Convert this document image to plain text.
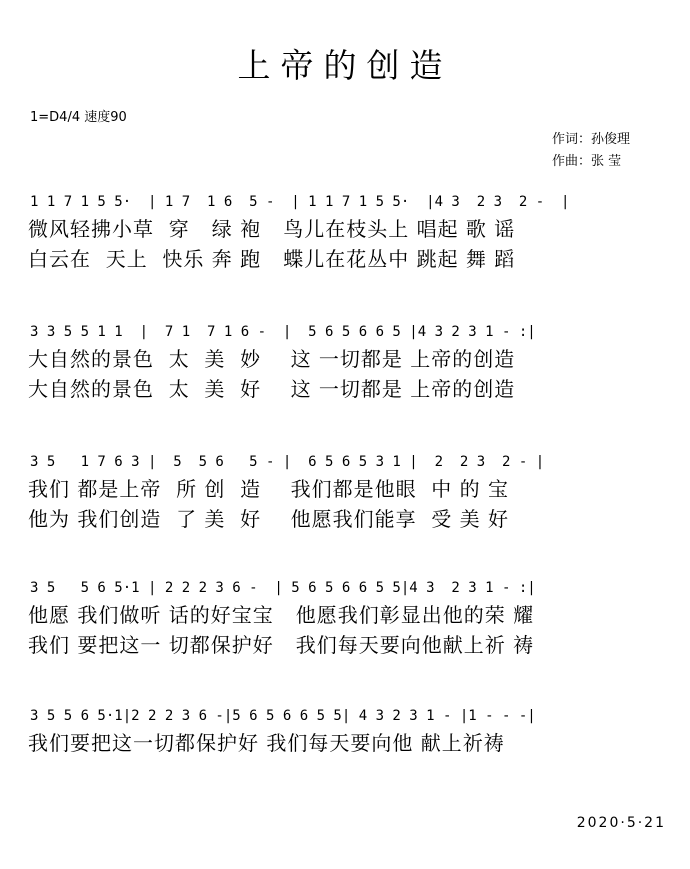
上帝的创造
1=D4/4 速度90
作词：孙俊理
作曲：张 莹

1 1 7 1 5 5·  | 1 7  1 6  5 -  | 1 1 7 1 5 5·  |4 3  2 3  2 -  |

微风轻拂小草  穿   绿 袍   鸟儿在枝头上 唱起 歌 谣
白云在  天上  快乐 奔 跑   蝶儿在花丛中 跳起 舞 蹈

3 3 5 5 1 1  |  7 1  7 1 6 -  |  5 6 5 6 6 5 |4 3 2 3 1 - :|

大自然的景色  太  美  妙    这 一切都是 上帝的创造
大自然的景色  太  美  好    这 一切都是 上帝的创造

3 5   1 7 6 3 |  5  5 6   5 - |  6 5 6 5 3 1 |  2  2 3  2 - |

我们 都是上帝  所 创  造    我们都是他眼  中 的 宝
他为 我们创造  了 美  好    他愿我们能享  受 美 好

3 5   5 6 5·1 | 2 2 2 3 6 -  | 5 6 5 6 6 5 5|4 3  2 3 1 - :|

他愿 我们做听 话的好宝宝   他愿我们彰显出他的荣 耀
我们 要把这一 切都保护好   我们每天要向他献上祈 祷

3 5 5 6 5·1|2 2 2 3 6 -|5 6 5 6 6 5 5| 4 3 2 3 1 - |1 - - -|

我们要把这一切都保护好 我们每天要向他 献上祈祷
2020·5·21
